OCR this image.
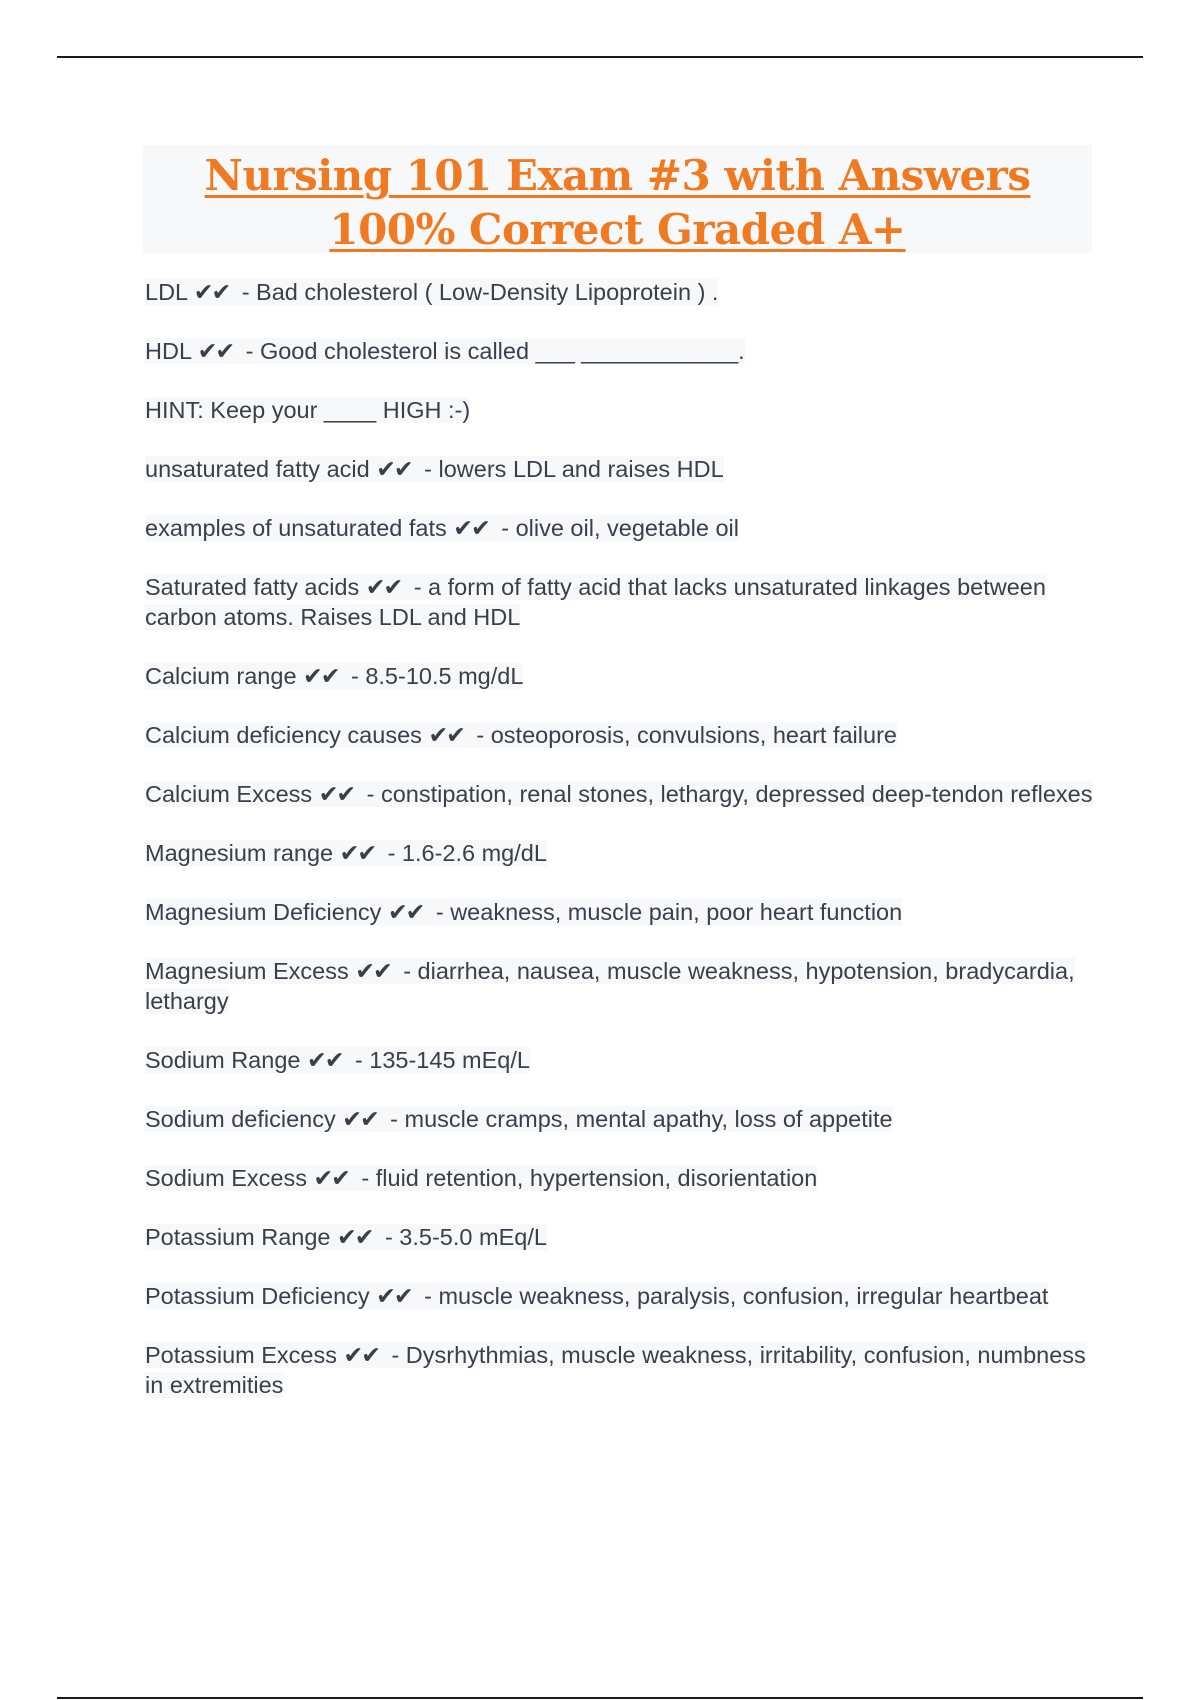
Nursing 101 Exam #3 with Answers 100% Correct Graded A+

LDL ✔✔ - Bad cholesterol ( Low-Density Lipoprotein ) .

HDL ✔✔ - Good cholesterol is called ___ ____________.

HINT: Keep your ____ HIGH :-)

unsaturated fatty acid ✔✔ - lowers LDL and raises HDL

examples of unsaturated fats ✔✔ - olive oil, vegetable oil

Saturated fatty acids ✔✔ - a form of fatty acid that lacks unsaturated linkages between carbon atoms. Raises LDL and HDL

Calcium range ✔✔ - 8.5-10.5 mg/dL

Calcium deficiency causes ✔✔ - osteoporosis, convulsions, heart failure

Calcium Excess ✔✔ - constipation, renal stones, lethargy, depressed deep-tendon reflexes

Magnesium range ✔✔ - 1.6-2.6 mg/dL

Magnesium Deficiency ✔✔ - weakness, muscle pain, poor heart function

Magnesium Excess ✔✔ - diarrhea, nausea, muscle weakness, hypotension, bradycardia, lethargy

Sodium Range ✔✔ - 135-145 mEq/L

Sodium deficiency ✔✔ - muscle cramps, mental apathy, loss of appetite

Sodium Excess ✔✔ - fluid retention, hypertension, disorientation

Potassium Range ✔✔ - 3.5-5.0 mEq/L

Potassium Deficiency ✔✔ - muscle weakness, paralysis, confusion, irregular heartbeat

Potassium Excess ✔✔ - Dysrhythmias, muscle weakness, irritability, confusion, numbness in extremities
